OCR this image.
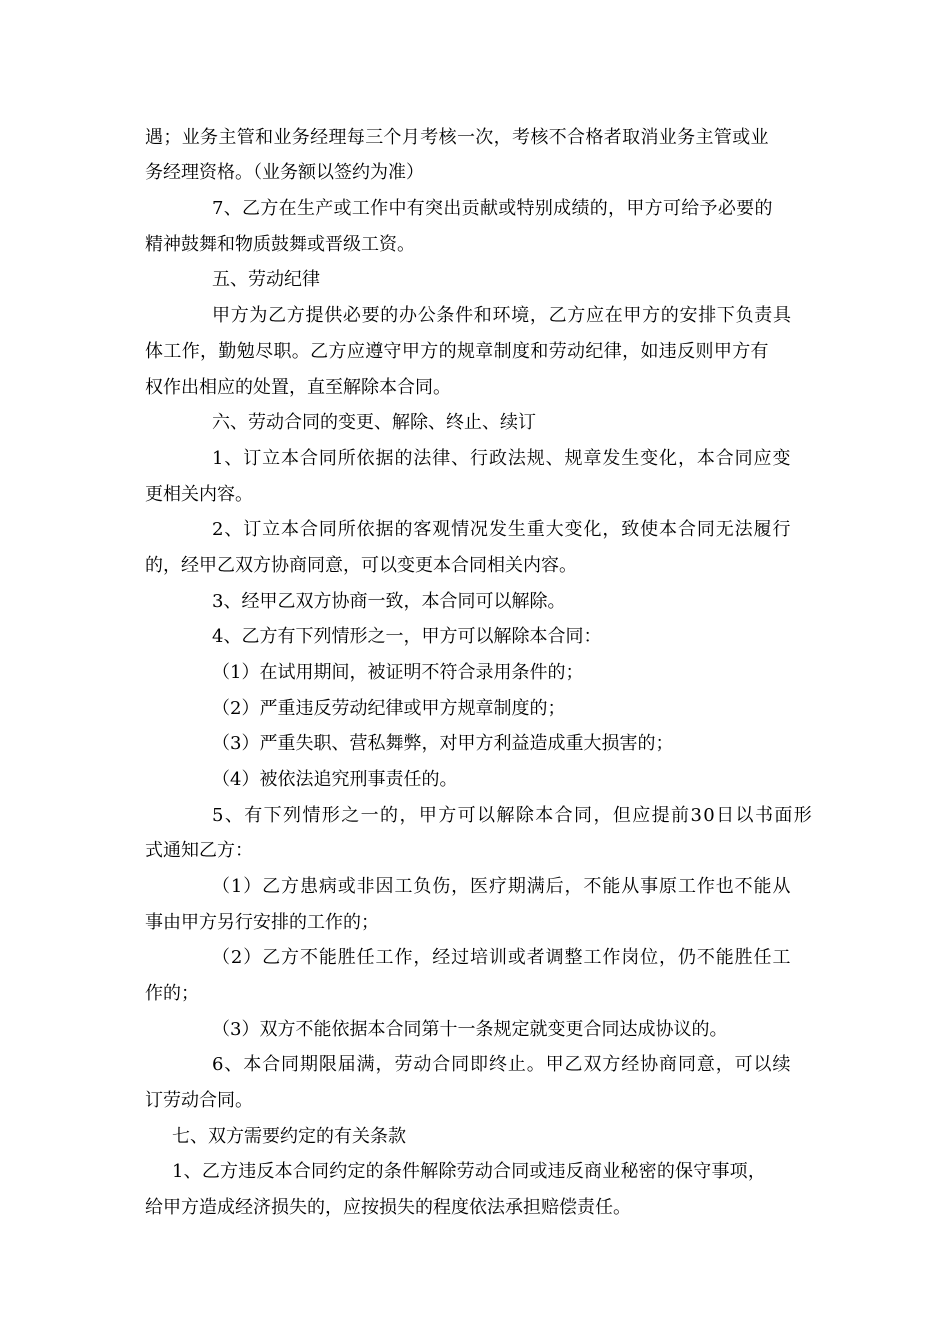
遇；业务主管和业务经理每三个月考核一次，考核不合格者取消业务主管或业
务经理资格。（业务额以签约为准）
7、乙方在生产或工作中有突出贡献或特别成绩的，甲方可给予必要的
精神鼓舞和物质鼓舞或晋级工资。
五、劳动纪律
甲方为乙方提供必要的办公条件和环境，乙方应在甲方的安排下负责具
体工作，勤勉尽职。乙方应遵守甲方的规章制度和劳动纪律，如违反则甲方有
权作出相应的处置，直至解除本合同。
六、劳动合同的变更、解除、终止、续订
1、订立本合同所依据的法律、行政法规、规章发生变化，本合同应变
更相关内容。
2、订立本合同所依据的客观情况发生重大变化，致使本合同无法履行
的，经甲乙双方协商同意，可以变更本合同相关内容。
3、经甲乙双方协商一致，本合同可以解除。
4、乙方有下列情形之一，甲方可以解除本合同：
（1）在试用期间，被证明不符合录用条件的；
（2）严重违反劳动纪律或甲方规章制度的；
（3）严重失职、营私舞弊，对甲方利益造成重大损害的；
（4）被依法追究刑事责任的。
5、有下列情形之一的，甲方可以解除本合同，但应提前30日以书面形
式通知乙方：
（1）乙方患病或非因工负伤，医疗期满后，不能从事原工作也不能从
事由甲方另行安排的工作的；
（2）乙方不能胜任工作，经过培训或者调整工作岗位，仍不能胜任工
作的；
（3）双方不能依据本合同第十一条规定就变更合同达成协议的。
6、本合同期限届满，劳动合同即终止。甲乙双方经协商同意，可以续
订劳动合同。
七、双方需要约定的有关条款
1、乙方违反本合同约定的条件解除劳动合同或违反商业秘密的保守事项，
给甲方造成经济损失的，应按损失的程度依法承担赔偿责任。
